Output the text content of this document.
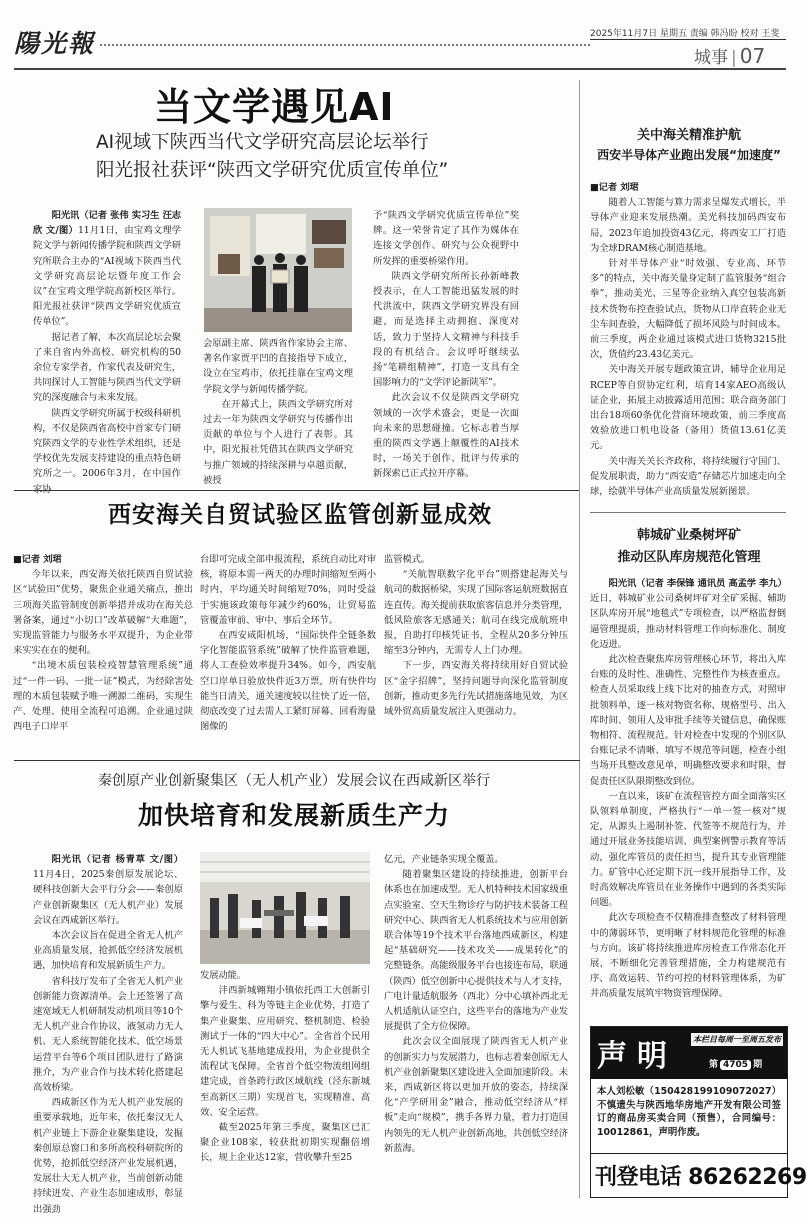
陽光報	2025年11月7日 星期五 责编 韩冯盼 校对 王斐
城事 | 07
当文学遇见AI
AI视域下陕西当代文学研究高层论坛举行
阳光报社获评“陕西文学研究优质宣传单位”

阳光讯（记者 张伟 实习生 汪志欣 文/图）11月1日，由宝鸡文理学院文学与新闻传播学院和陕西文学研究所联合主办的“AI视域下陕西当代文学研究高层论坛暨年度工作会议”在宝鸡文理学院高新校区举行。阳光报社获评“陕西文学研究优质宣传单位”。

据记者了解，本次高层论坛会聚了来自省内外高校、研究机构的50余位专家学者，作家代表及研究生，共同探讨人工智能与陕西当代文学研究的深度融合与未来发展。

陕西文学研究所属于校级科研机构，不仅是陕西省高校中首家专门研究陕西文学的专业性学术组织，还是学校优先发展支持建设的重点特色研究所之一。2006年3月，在中国作

会原副主席、陕西省作家协会主席、著名作家贾平凹的直接指导下成立，设立在宝鸡市，依托挂靠在宝鸡文理学院文学与新闻传播学院。

在开幕式上，陕西文学研究所对过去一年为陕西文学研究与传播作出贡献的单位与个人进行了表彰。其中，阳光报社凭借其在陕西文学研究与推广领域的持续深耕与卓越贡献，被授

予“陕西文学研究优质宣传单位”奖牌。这一荣誉肯定了其作为媒体在连接文学创作、研究与公众视野中所发挥的重要桥梁作用。

陕西文学研究所所长孙新峰教授表示，在人工智能迅猛发展的时代洪流中，陕西文学研究界没有回避，而是选择主动拥抱、深度对话，致力于坚持人文精神与科技手段的有机结合。会议呼吁继续弘扬“笔耕组精神”，打造一支具有全国影响力的“文学评论新陕军”。

此次会议不仅是陕西文学研究领域的一次学术盛会，更是一次面向未来的思想碰撞。它标志着当厚重的陕西文学遇上颠覆性的AI技术时，一场关于创作、批评与传承的新探索已正式拉开序幕。

关中海关精准护航
西安半导体产业跑出发展“加速度”

■记者 刘珺

随着人工智能与算力需求呈爆发式增长，半导体产业迎来发展热潮。美光科技加码西安布局，2023年追加投资43亿元，将西安工厂打造为全球DRAM核心制造基地。

针对半导体产业“时效强、专业高、环节多”的特点，关中海关量身定制了监管服务“组合拳”，推动美光、三星等企业纳入真空包装高新技术货物布控查验试点，货物从口岸直转企业无尘车间查验，大幅降低了损坏风险与时间成本。前三季度，两企业通过该模式进口货物3215批次，货值约23.43亿美元。

关中海关开展专题政策宣讲，辅导企业用足RCEP等自贸协定红利，培育14家AEO高级认证企业，拓展主动披露适用范围；联合商务部门出台18项60条优化营商环境政策，前三季度高效验放进口机电设备（备用）货值13.61亿美元。

关中海关关长齐政称，将持续履行守国门、促发展职责，助力“西安造”存储芯片加速走向全球，绘就半导体产业高质量发展新图景。

韩城矿业桑树坪矿
推动区队库房规范化管理

阳光讯（记者 李保锋 通讯员 高孟学 李九）

近日，韩城矿业公司桑树坪矿对全矿采掘、辅助区队库房开展“地毯式”专项检查，以严格监督倒逼管理提质，推动材料管理工作向标准化、制度化迈进。

此次检查聚焦库房管理核心环节，将出入库台账的及时性、准确性、完整性作为核查重点。检查人员采取线上线下比对的抽查方式，对照审批领料单，逐一核对物资名称、规格型号、出入库时间、领用人及审批手续等关键信息，确保账物相符、流程规范。针对检查中发现的个别区队台账记录不清晰、填写不规范等问题，检查小组当场开具整改意见单，明确整改要求和时限，督促责任区队限期整改到位。

一直以来，该矿在流程管控方面全面落实区队领料单制度，严格执行“一单一签一核对”规定，从源头上遏制补签、代签等不规范行为，并通过开展业务技能培训、典型案例警示教育等活动，强化库管员的责任担当，提升其专业管理能力。矿管中心还定期下沉一线开展指导工作，及时高效解决库管员在业务操作中遇到的各类实际问题。

此次专项检查不仅精准排查整改了材料管理中的薄弱环节，更明晰了材料规范化管理的标准与方向。该矿将持续推进库房检查工作常态化开展，不断细化完善管理措施，全力构建规范有序、高效运转、节约可控的材料管理体系，为矿井高质量发展筑牢物资管理保障。

声明 本栏目每周一至周五发布
第 4705 期
本人刘松敏（15042819910907202​7）不慎遗失与陕西地华房地产开发有限公司签订的商品房买卖合同（预售），合同编号：10012861，声明作废。
刊登电话 86262269
西安海关自贸试验区监管创新显成效

■记者 刘珺

今年以来，西安海关依托陕西自贸试验区“试验田”优势，聚焦企业通关痛点，推出三项海关监管制度创新举措并成功在海关总署备案，通过“小切口”改革破解“大难题”，实现监管能力与服务水平双提升，为企业带来实实在在的便利。

“出境木质包装检疫智慧管理系统”通过“一件一码、一批一证”模式，为经除害处理的木质包装赋予唯一溯源二维码，实现生产、处理、使用全流程可追溯。企业通过陕西电子口岸平

台即可完成全部申报流程，系统自动比对审核，将原本需一两天的办理时间缩短至两小时内，平均通关时间缩短70%，同时受益于实施该政策每年减少约60%，让贸易监管覆盖审前、审中、事后全环节。

在西安咸阳机场，“国际快件全链条数字化智能监管系统”破解了快件监管难题，将人工查验效率提升34%。如今，西安航空口岸单日验放快件近3万票，所有快件均能当日清关，通关速度较以往快了近一倍，彻底改变了过去需人工紧盯屏幕、回看海量图像的

监管模式。

“关航智联数字化平台”则搭建起海关与航司的数据桥梁，实现了国际客运航班数据直连直传。海关提前获取旅客信息并分类管理，低风险旅客无感通关；航司在线完成航班申报，自助打印核凭证书，全程从20多分钟压缩至3分钟内，无需专人上门办理。

下一步，西安海关将持续用好自贸试验区“金字招牌”，坚持问题导向深化监管制度创新，推动更多先行先试措施落地见效，为区域外贸高质量发展注入更强动力。

秦创原产业创新聚集区（无人机产业）发展会议在西咸新区举行
加快培育和发展新质生产力

阳光讯（记者 杨青草 文/图）11月4日，2025秦创原发展论坛、硬科技创新大会平行分会——秦创原产业创新聚集区（无人机产业）发展会议在西咸新区举行。

本次会议旨在促进全省无人机产业高质量发展，抢抓低空经济发展机遇，加快培育和发展新质生产力。

省科技厅发布了全省无人机产业创新能力资源清单。会上还签署了高速宽域无人机研制发动机项目等10个无人机产业合作协议，液氢动力无人机、无人系统智能化技术、低空场景运营平台等6个项目团队进行了路演推介，为产业合作与技术转化搭建起高效桥梁。

西咸新区作为无人机产业发展的重要承载地，近年来，依托秦汉无人机产业链上下游企业聚集建设，发掘秦创原总窗口和多所高校科研院所的优势，抢抓低空经济产业发展机遇，发展壮大无人机产业，当前创新动能持续迸发、产业生态加速成形，彰显出强劲

发展动能。

沣西新城翱翔小镇依托西工大创新引擎与爱生、科为等链主企业优势，打造了集产业聚集、应用研究、整机制造、检验测试于一体的“四大中心”。全省首个民用无人机试飞基地建成投用，为企业提供全流程试飞保障。全省首个低空物流组网组建完成，首条跨行政区域航线（泾东新城至高新区三期）实现首飞，实现精准、高效、安全运营。

截至2025年第三季度，聚集区已汇聚企业108家，较获批初期实现翻倍增长，规上企业达12家，营收攀升至25

亿元，产业链条实现全覆盖。

随着聚集区建设的持续推进，创新平台体系也在加速成型。无人机特种技术国家级重点实验室、空天生物诊疗与防护技术装备工程研究中心、陕西省无人机系统技术与应用创新联合体等19个技术平台落地西咸新区，构建起“基础研究——技术攻关——成果转化”的完整链条。高能级服务平台也接连布局，联通（陕西）低空创新中心提供技术与人才支持，广电计量适航服务（西北）分中心填补西北无人机适航认证空白，这些平台的落地为产业发展提供了全方位保障。

此次会议全面展现了陕西省无人机产业的创新实力与发展潜力，也标志着秦创原无人机产业创新聚集区建设进入全面加速阶段。未来，西咸新区将以更加开放的姿态，持续深化“产学研用金”融合，推动低空经济从“样板”走向“规模”，携手各界力量，着力打造国内领先的无人机产业创新高地，共创低空经济新蓝海。
